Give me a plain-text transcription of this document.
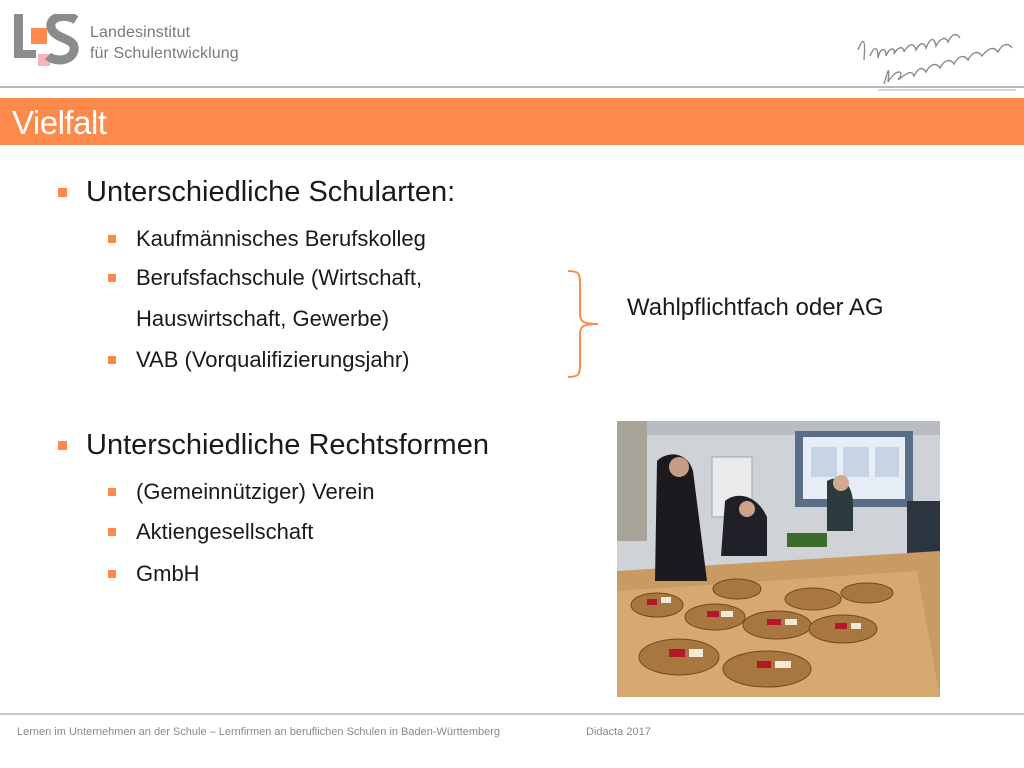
Landesinstitut
für Schulentwicklung
Vielfalt
Unterschiedliche Schularten:
Kaufmännisches Berufskolleg
Berufsfachschule (Wirtschaft,
Hauswirtschaft, Gewerbe)
VAB (Vorqualifizierungsjahr)
Wahlpflichtfach oder AG
Unterschiedliche Rechtsformen
(Gemeinnütziger) Verein
Aktiengesellschaft
GmbH
Lernen im Unternehmen an der Schule – Lernfirmen an beruflichen Schulen in Baden-Württemberg	Didacta 2017
